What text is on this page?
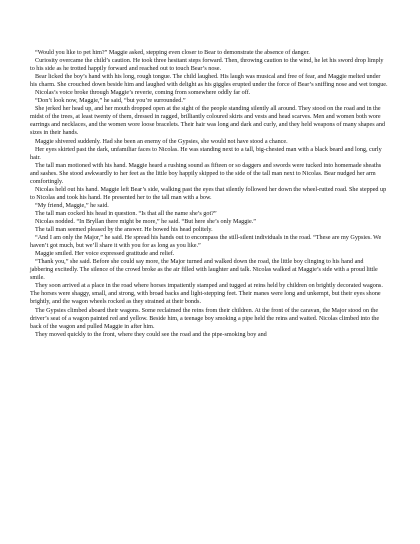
“Would you like to pet him?” Maggie asked, stepping even closer to Bear to demonstrate the absence of danger.

Curiosity overcame the child’s caution. He took three hesitant steps forward. Then, throwing caution to the wind, he let his sword drop limply to his side as he trotted happily forward and reached out to touch Bear’s nose.

Bear licked the boy’s hand with his long, rough tongue. The child laughed. His laugh was musical and free of fear, and Maggie melted under his charm. She crouched down beside him and laughed with delight as his giggles erupted under the force of Bear’s sniffing nose and wet tongue.

Nicolas’s voice broke through Maggie’s reverie, coming from somewhere oddly far off.

“Don’t look now, Maggie,” he said, “but you’re surrounded.”

She jerked her head up, and her mouth dropped open at the sight of the people standing silently all around. They stood on the road and in the midst of the trees, at least twenty of them, dressed in ragged, brilliantly coloured skirts and vests and head scarves. Men and women both wore earrings and necklaces, and the women wore loose bracelets. Their hair was long and dark and curly, and they held weapons of many shapes and sizes in their hands.

Maggie shivered suddenly. Had she been an enemy of the Gypsies, she would not have stood a chance.

Her eyes skirted past the dark, unfamiliar faces to Nicolas. He was standing next to a tall, big-chested man with a black beard and long, curly hair.

The tall man motioned with his hand. Maggie heard a rushing sound as fifteen or so daggers and swords were tucked into homemade sheaths and sashes. She stood awkwardly to her feet as the little boy happily skipped to the side of the tall man next to Nicolas. Bear nudged her arm comfortingly.

Nicolas held out his hand. Maggie left Bear’s side, walking past the eyes that silently followed her down the wheel-rutted road. She stepped up to Nicolas and took his hand. He presented her to the tall man with a bow.

“My friend, Maggie,” he said.

The tall man cocked his head in question. “Is that all the name she’s got?”

Nicolas nodded. “In Bryllan there might be more,” he said. “But here she’s only Maggie.”

The tall man seemed pleased by the answer. He bowed his head politely.

“And I am only the Major,” he said. He spread his hands out to encompass the still-silent individuals in the road. “These are my Gypsies. We haven’t got much, but we’ll share it with you for as long as you like.”

Maggie smiled. Her voice expressed gratitude and relief.

“Thank you,” she said. Before she could say more, the Major turned and walked down the road, the little boy clinging to his hand and jabbering excitedly. The silence of the crowd broke as the air filled with laughter and talk. Nicolas walked at Maggie’s side with a proud little smile.

They soon arrived at a place in the road where horses impatiently stamped and tugged at reins held by children on brightly decorated wagons. The horses were shaggy, small, and strong, with broad backs and light-stepping feet. Their manes were long and unkempt, but their eyes shone brightly, and the wagon wheels rocked as they strained at their bonds.

The Gypsies climbed aboard their wagons. Some reclaimed the reins from their children. At the front of the caravan, the Major stood on the driver’s seat of a wagon painted red and yellow. Beside him, a teenage boy smoking a pipe held the reins and waited. Nicolas climbed into the back of the wagon and pulled Maggie in after him.

They moved quickly to the front, where they could see the road and the pipe-smoking boy and
